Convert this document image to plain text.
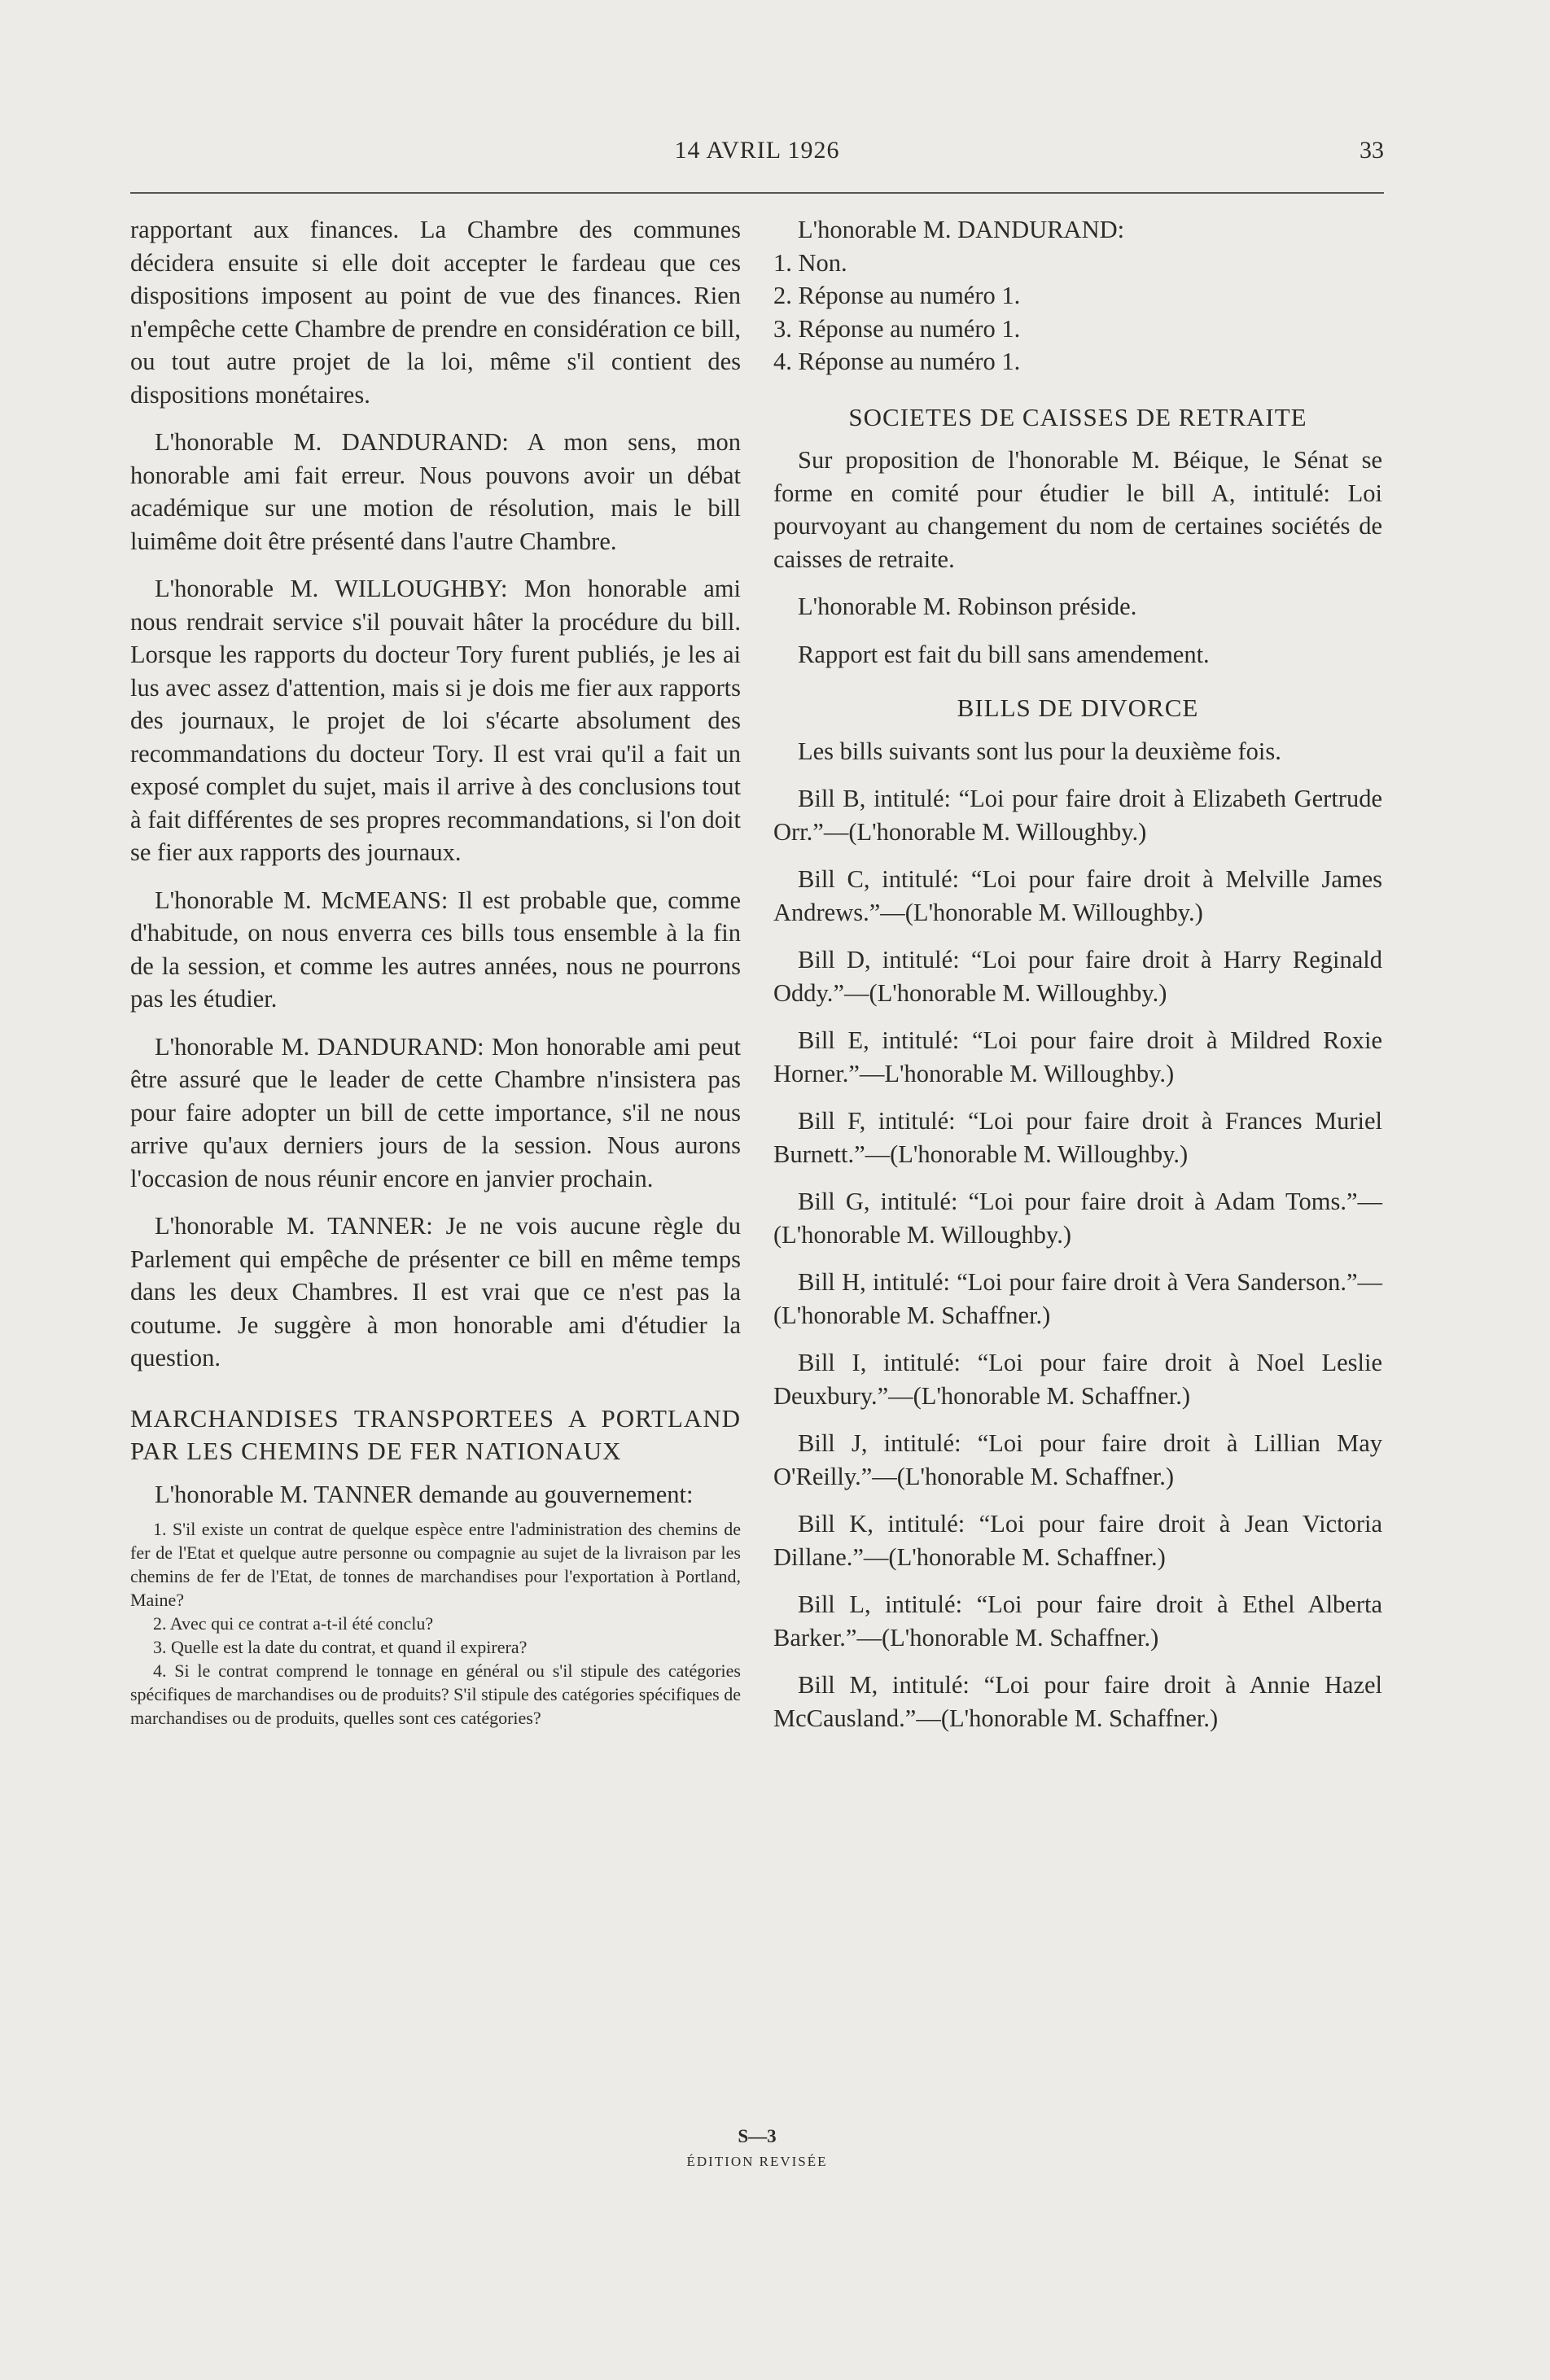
14 AVRIL 1926	33

rapportant aux finances. La Chambre des communes décidera ensuite si elle doit accepter le fardeau que ces dispositions imposent au point de vue des finances. Rien n'empêche cette Chambre de prendre en considération ce bill, ou tout autre projet de la loi, même s'il contient des dispositions monétaires.

L'honorable M. DANDURAND: A mon sens, mon honorable ami fait erreur. Nous pouvons avoir un débat académique sur une motion de résolution, mais le bill luimême doit être présenté dans l'autre Chambre.

L'honorable M. WILLOUGHBY: Mon honorable ami nous rendrait service s'il pouvait hâter la procédure du bill. Lorsque les rapports du docteur Tory furent publiés, je les ai lus avec assez d'attention, mais si je dois me fier aux rapports des journaux, le projet de loi s'écarte absolument des recommandations du docteur Tory. Il est vrai qu'il a fait un exposé complet du sujet, mais il arrive à des conclusions tout à fait différentes de ses propres recommandations, si l'on doit se fier aux rapports des journaux.

L'honorable M. McMEANS: Il est probable que, comme d'habitude, on nous enverra ces bills tous ensemble à la fin de la session, et comme les autres années, nous ne pourrons pas les étudier.

L'honorable M. DANDURAND: Mon honorable ami peut être assuré que le leader de cette Chambre n'insistera pas pour faire adopter un bill de cette importance, s'il ne nous arrive qu'aux derniers jours de la session. Nous aurons l'occasion de nous réunir encore en janvier prochain.

L'honorable M. TANNER: Je ne vois aucune règle du Parlement qui empêche de présenter ce bill en même temps dans les deux Chambres. Il est vrai que ce n'est pas la coutume. Je suggère à mon honorable ami d'étudier la question.

MARCHANDISES TRANSPORTEES A PORTLAND PAR LES CHEMINS DE FER NATIONAUX

L'honorable M. TANNER demande au gouvernement:

1. S'il existe un contrat de quelque espèce entre l'administration des chemins de fer de l'Etat et quelque autre personne ou compagnie au sujet de la livraison par les chemins de fer de l'Etat, de tonnes de marchandises pour l'exportation à Portland, Maine?

2. Avec qui ce contrat a-t-il été conclu?

3. Quelle est la date du contrat, et quand il expirera?

4. Si le contrat comprend le tonnage en général ou s'il stipule des catégories spécifiques de marchandises ou de produits? S'il stipule des catégories spécifiques de marchandises ou de produits, quelles sont ces catégories?

L'honorable M. DANDURAND:

1. Non.
2. Réponse au numéro 1.
3. Réponse au numéro 1.
4. Réponse au numéro 1.
SOCIETES DE CAISSES DE RETRAITE

Sur proposition de l'honorable M. Béique, le Sénat se forme en comité pour étudier le bill A, intitulé: Loi pourvoyant au changement du nom de certaines sociétés de caisses de retraite.

L'honorable M. Robinson préside.

Rapport est fait du bill sans amendement.

BILLS DE DIVORCE

Les bills suivants sont lus pour la deuxième fois.

Bill B, intitulé: “Loi pour faire droit à Elizabeth Gertrude Orr.”—(L'honorable M. Willoughby.)

Bill C, intitulé: “Loi pour faire droit à Melville James Andrews.”—(L'honorable M. Willoughby.)

Bill D, intitulé: “Loi pour faire droit à Harry Reginald Oddy.”—(L'honorable M. Willoughby.)

Bill E, intitulé: “Loi pour faire droit à Mildred Roxie Horner.”—L'honorable M. Willoughby.)

Bill F, intitulé: “Loi pour faire droit à Frances Muriel Burnett.”—(L'honorable M. Willoughby.)

Bill G, intitulé: “Loi pour faire droit à Adam Toms.”—(L'honorable M. Willoughby.)

Bill H, intitulé: “Loi pour faire droit à Vera Sanderson.”—(L'honorable M. Schaffner.)

Bill I, intitulé: “Loi pour faire droit à Noel Leslie Deuxbury.”—(L'honorable M. Schaffner.)

Bill J, intitulé: “Loi pour faire droit à Lillian May O'Reilly.”—(L'honorable M. Schaffner.)

Bill K, intitulé: “Loi pour faire droit à Jean Victoria Dillane.”—(L'honorable M. Schaffner.)

Bill L, intitulé: “Loi pour faire droit à Ethel Alberta Barker.”—(L'honorable M. Schaffner.)

Bill M, intitulé: “Loi pour faire droit à Annie Hazel McCausland.”—(L'honorable M. Schaffner.)

S—3
ÉDITION REVISÉE
